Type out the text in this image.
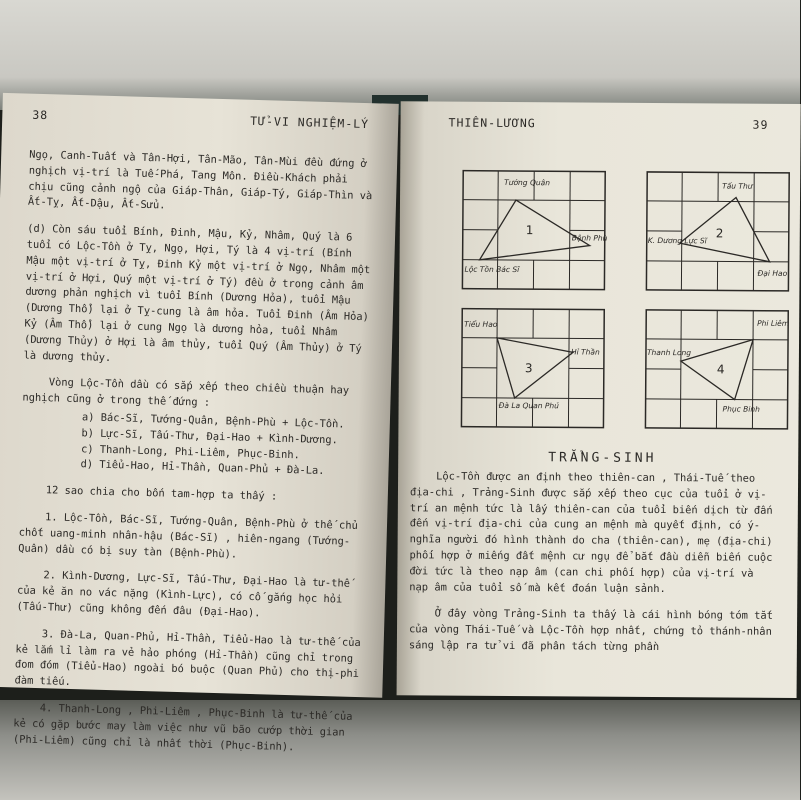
38	TỬ-VI NGHIỆM-LÝ

Ngọ, Canh-Tuất và Tân-Hợi, Tân-Mão, Tân-Mùi đều đứng ở nghịch vị-trí là Tuế-Phá, Tang Môn. Điều-Khách phải chịu cũng cảnh ngộ của Giáp-Thân, Giáp-Tý, Giáp-Thìn và Ất-Tỵ, Ất-Dậu, Ất-Sửu.

(d) Còn sáu tuổi Bính, Đinh, Mậu, Kỷ, Nhâm, Quý là 6 tuổi có Lộc-Tồn ở Tỵ, Ngọ, Hợi, Tý là 4 vị-trí (Bính Mậu một vị-trí ở Tỵ, Đinh Kỷ một vị-trí ở Ngọ, Nhâm một vị-trí ở Hợi, Quý một vị-trí ở Tý) đều ở trong cảnh âm dương phản nghịch vì tuổi Bính (Dương Hỏa), tuổi Mậu (Dương Thổ) lại ở Tỵ-cung là âm hỏa. Tuổi Đinh (Âm Hỏa) Kỷ (Âm Thổ) lại ở cung Ngọ là dương hỏa, tuổi Nhâm (Dương Thủy) ở Hợi là âm thủy, tuổi Quý (Âm Thủy) ở Tý là dương thủy.

Vòng Lộc-Tồn dầu có sắp xếp theo chiều thuận hay nghịch cũng ở trong thế đứng :

a) Bác-Sĩ, Tướng-Quân, Bệnh-Phù + Lộc-Tồn.
b) Lực-Sĩ, Tấu-Thư, Đại-Hao + Kình-Dương.
c) Thanh-Long, Phi-Liêm, Phục-Binh.
d) Tiểu-Hao, Hỉ-Thần, Quan-Phủ + Đà-La.

12 sao chia cho bốn tam-hợp ta thấy :

1. Lộc-Tồn, Bác-Sĩ, Tướng-Quân, Bệnh-Phù ở thế chủ chốt uang-minh nhân-hậu (Bác-Sĩ) , hiên-ngang (Tướng-Quân) dầu có bị suy tàn (Bệnh-Phù).

2. Kình-Dương, Lực-Sĩ, Tấu-Thư, Đại-Hao là tư-thế của kẻ ăn no vác nặng (Kình-Lực), có cố gắng học hỏi (Tấu-Thư) cũng không đến đâu (Đại-Hao).

3. Đà-La, Quan-Phủ, Hỉ-Thần, Tiểu-Hao là tư-thế của kẻ lắm lỉ làm ra vẻ hảo phóng (Hỉ-Thần) cũng chỉ trong đom đóm (Tiểu-Hao) ngoài bó buộc (Quan Phủ) cho thị-phi đàm tiếu.

4. Thanh-Long , Phi-Liêm , Phục-Binh là tư-thế của kẻ có gặp bước may làm việc như vũ bão cướp thời gian (Phi-Liêm) cũng chỉ là nhất thời (Phục-Binh).

THIÊN-LƯƠNG	39
1
Tướng Quân
Bệnh Phù
Lộc Tồn Bác Sĩ
2
Tấu Thư
K. Dương Lực Sĩ
Đại Hao
3
Tiểu Hao
Hỉ Thần
Đà La Quan Phủ
4
Phi Liêm
Thanh Long
Phục Binh
TRẲNG-SINH

Lộc-Tồn được an định theo thiên-can , Thái-Tuế theo địa-chi , Trảng-Sinh được sắp xếp theo cục của tuổi ở vị-trí an mệnh tức là lấy thiên-can của tuổi biến dịch từ đấn đến vị-trí địa-chi của cung an mệnh mà quyết định, có ý-nghĩa người đó hình thành do cha (thiên-can), mẹ (địa-chi) phối hợp ở miếng đất mệnh cư ngụ để bắt đầu diễn biến cuộc đời tức là theo nạp âm (can chi phối hợp) của vị-trí và nạp âm của tuổi số mà kết đoán luận sảnh.

Ở đây vòng Trảng-Sinh ta thấy là cái hình bóng tóm tắt của vòng Thái-Tuế và Lộc-Tồn hợp nhất, chứng tỏ thánh-nhân sáng lập ra tử vi đã phân tách từng phần
